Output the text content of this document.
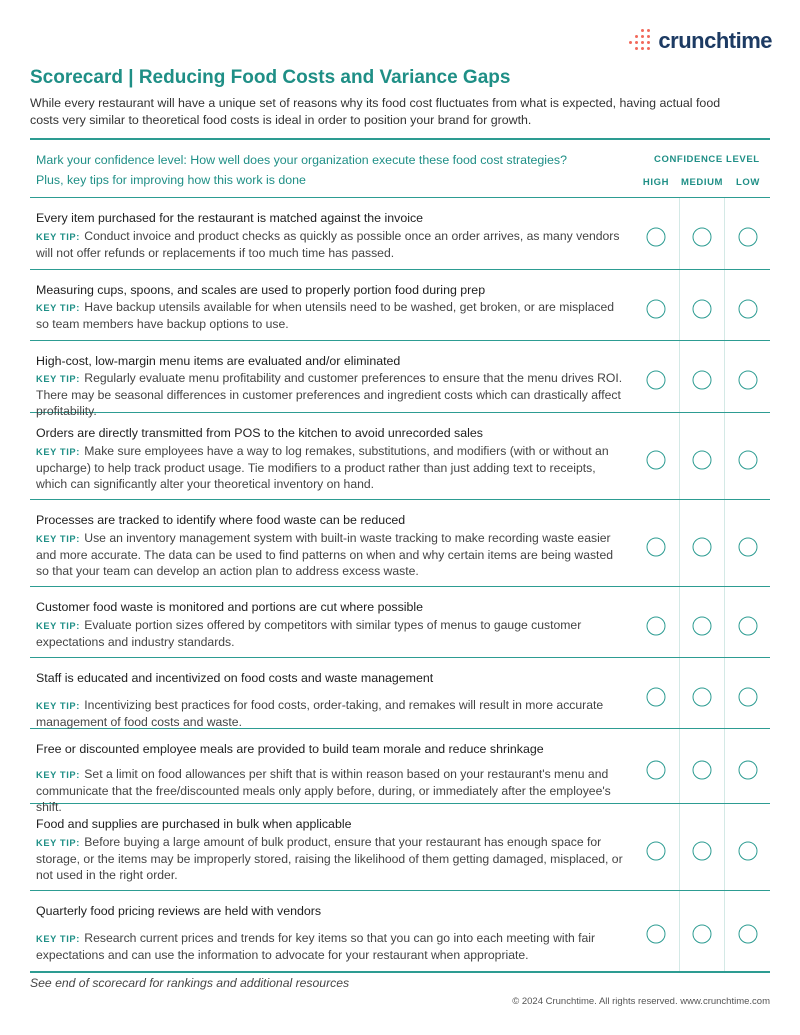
crunchtime
Scorecard | Reducing Food Costs and Variance Gaps

While every restaurant will have a unique set of reasons why its food cost fluctuates from what is expected, having actual food costs very similar to theoretical food costs is ideal in order to position your brand for growth.

Mark your confidence level: How well does your organization execute these food cost strategies?
Plus, key tips for improving how this work is done
CONFIDENCE LEVEL
HIGH MEDIUM LOW
Every item purchased for the restaurant is matched against the invoice
KEY TIP: Conduct invoice and product checks as quickly as possible once an order arrives, as many vendors will not offer refunds or replacements if too much time has passed.
Measuring cups, spoons, and scales are used to properly portion food during prep
KEY TIP: Have backup utensils available for when utensils need to be washed, get broken, or are misplaced so team members have backup options to use.
High-cost, low-margin menu items are evaluated and/or eliminated
KEY TIP: Regularly evaluate menu profitability and customer preferences to ensure that the menu drives ROI. There may be seasonal differences in customer preferences and ingredient costs which can drastically affect profitability.
Orders are directly transmitted from POS to the kitchen to avoid unrecorded sales
KEY TIP: Make sure employees have a way to log remakes, substitutions, and modifiers (with or without an upcharge) to help track product usage. Tie modifiers to a product rather than just adding text to receipts, which can significantly alter your theoretical inventory on hand.
Processes are tracked to identify where food waste can be reduced
KEY TIP: Use an inventory management system with built-in waste tracking to make recording waste easier and more accurate. The data can be used to find patterns on when and why certain items are being wasted so that your team can develop an action plan to address excess waste.
Customer food waste is monitored and portions are cut where possible
KEY TIP: Evaluate portion sizes offered by competitors with similar types of menus to gauge customer expectations and industry standards.
Staff is educated and incentivized on food costs and waste management
KEY TIP: Incentivizing best practices for food costs, order-taking, and remakes will result in more accurate management of food costs and waste.
Free or discounted employee meals are provided to build team morale and reduce shrinkage
KEY TIP: Set a limit on food allowances per shift that is within reason based on your restaurant's menu and communicate that the free/discounted meals only apply before, during, or immediately after the employee's shift.
Food and supplies are purchased in bulk when applicable
KEY TIP: Before buying a large amount of bulk product, ensure that your restaurant has enough space for storage, or the items may be improperly stored, raising the likelihood of them getting damaged, misplaced, or not used in the right order.
Quarterly food pricing reviews are held with vendors
KEY TIP: Research current prices and trends for key items so that you can go into each meeting with fair expectations and can use the information to advocate for your restaurant when appropriate.

See end of scorecard for rankings and additional resources

© 2024 Crunchtime. All rights reserved. www.crunchtime.com
